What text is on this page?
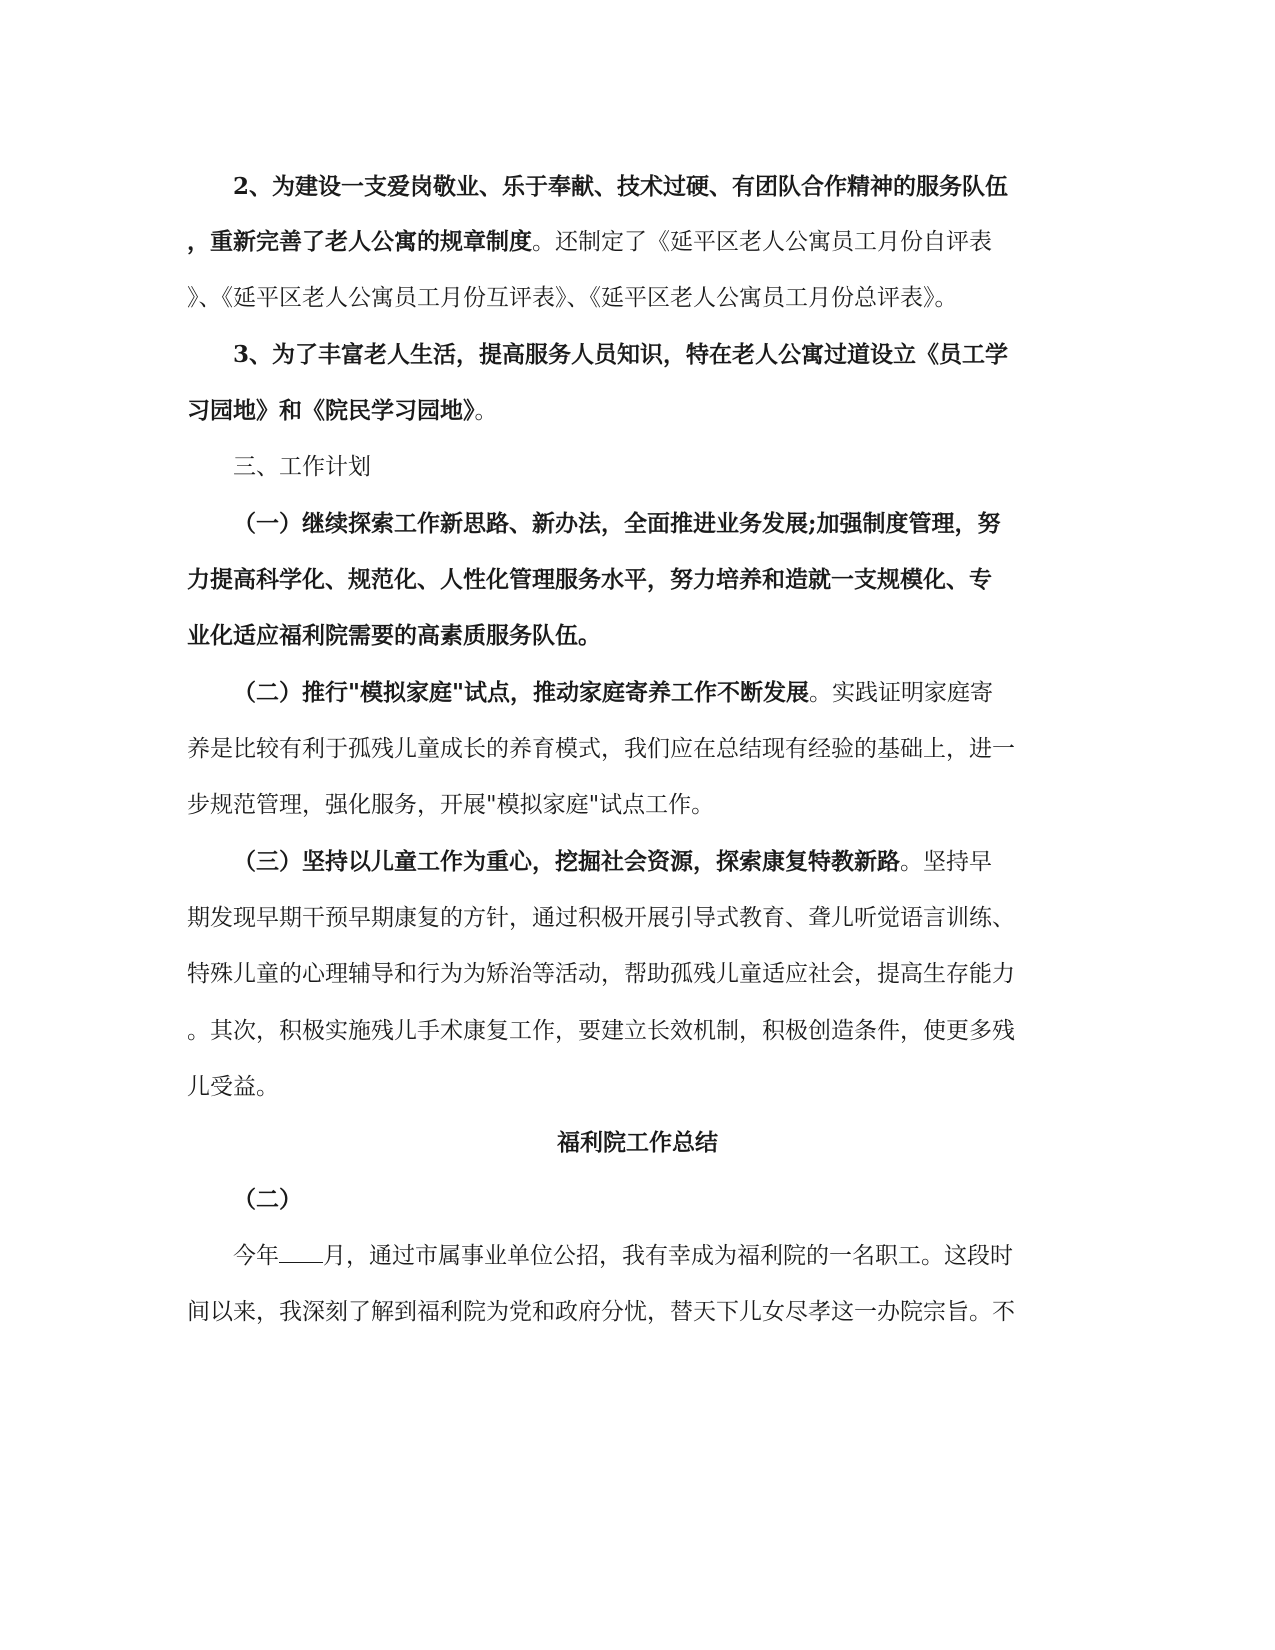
2、为建设一支爱岗敬业、乐于奉献、技术过硬、有团队合作精神的服务队伍
，重新完善了老人公寓的规章制度。还制定了《延平区老人公寓员工月份自评表
》、《延平区老人公寓员工月份互评表》、《延平区老人公寓员工月份总评表》。
3、为了丰富老人生活，提高服务人员知识，特在老人公寓过道设立《员工学
习园地》和《院民学习园地》。
三、工作计划
（一）继续探索工作新思路、新办法，全面推进业务发展;加强制度管理，努
力提高科学化、规范化、人性化管理服务水平，努力培养和造就一支规模化、专
业化适应福利院需要的高素质服务队伍。
（二）推行"模拟家庭"试点，推动家庭寄养工作不断发展。实践证明家庭寄
养是比较有利于孤残儿童成长的养育模式，我们应在总结现有经验的基础上，进一
步规范管理，强化服务，开展"模拟家庭"试点工作。
（三）坚持以儿童工作为重心，挖掘社会资源，探索康复特教新路。坚持早
期发现早期干预早期康复的方针，通过积极开展引导式教育、聋儿听觉语言训练、
特殊儿童的心理辅导和行为为矫治等活动，帮助孤残儿童适应社会，提高生存能力
。其次，积极实施残儿手术康复工作，要建立长效机制，积极创造条件，使更多残
儿受益。
福利院工作总结
（二）
今年 月，通过市属事业单位公招，我有幸成为福利院的一名职工。这段时
间以来，我深刻了解到福利院为党和政府分忧，替天下儿女尽孝这一办院宗旨。不
